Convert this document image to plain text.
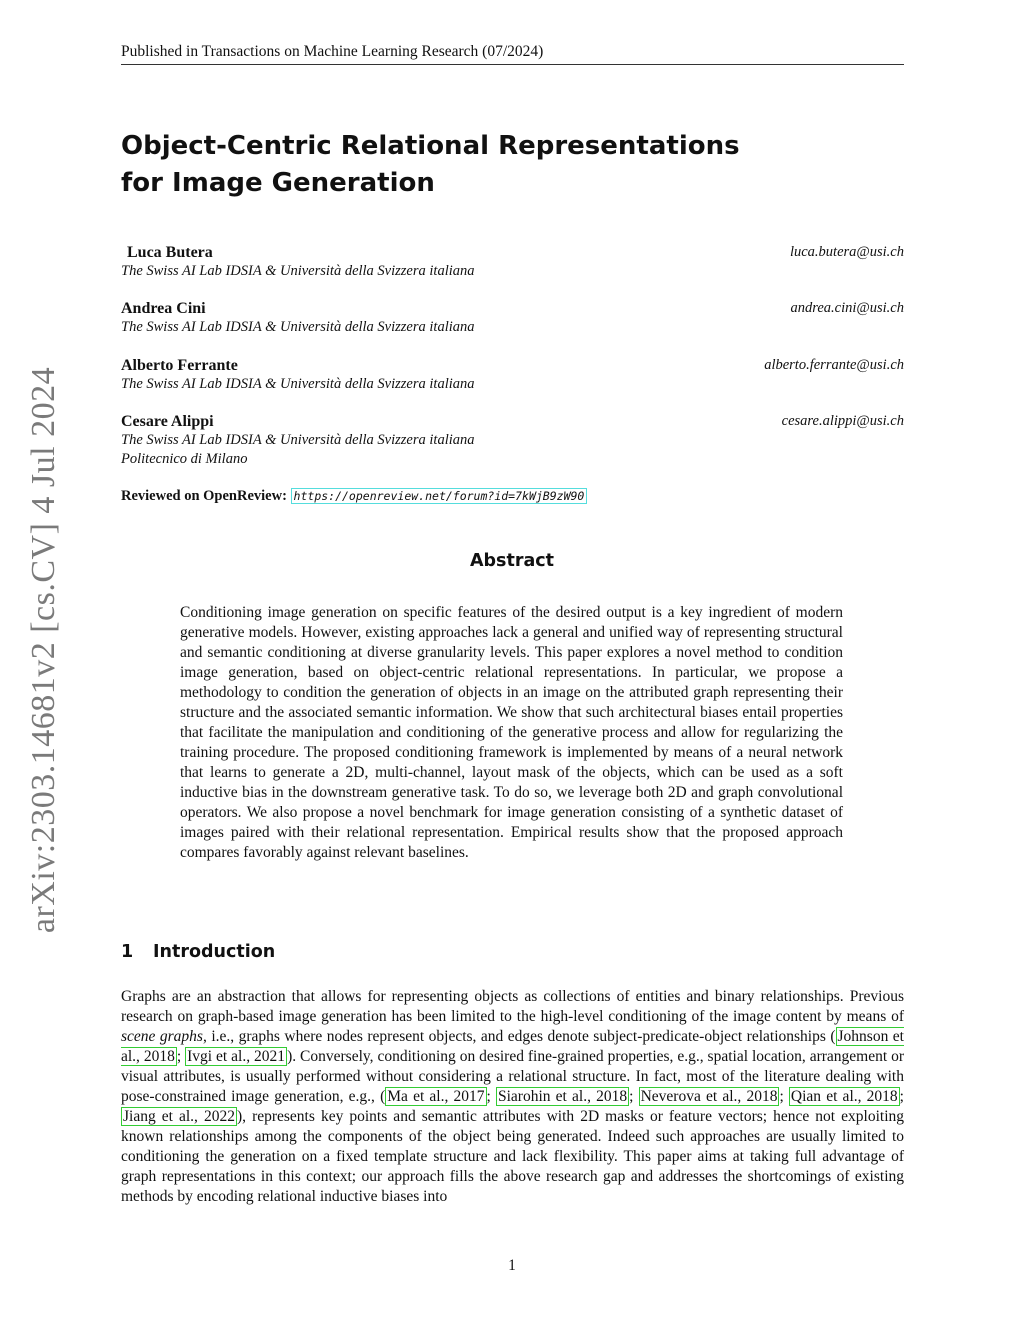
Published in Transactions on Machine Learning Research (07/2024)
Object-Centric Relational Representations
for Image Generation
Luca Butera
The Swiss AI Lab IDSIA & Università della Svizzera italiana
luca.butera@usi.ch
Andrea Cini
The Swiss AI Lab IDSIA & Università della Svizzera italiana
andrea.cini@usi.ch
Alberto Ferrante
The Swiss AI Lab IDSIA & Università della Svizzera italiana
alberto.ferrante@usi.ch
Cesare Alippi
The Swiss AI Lab IDSIA & Università della Svizzera italiana
Politecnico di Milano
cesare.alippi@usi.ch
Reviewed on OpenReview: https://openreview.net/forum?id=7kWjB9zW90
Abstract

Conditioning image generation on specific features of the desired output is a key ingredient of modern generative models. However, existing approaches lack a general and unified way of representing structural and semantic conditioning at diverse granularity levels. This paper explores a novel method to condition image generation, based on object-centric relational representations. In particular, we propose a methodology to condition the generation of objects in an image on the attributed graph representing their structure and the associated semantic information. We show that such architectural biases entail properties that facilitate the manipulation and conditioning of the generative process and allow for regularizing the training procedure. The proposed conditioning framework is implemented by means of a neural network that learns to generate a 2D, multi-channel, layout mask of the objects, which can be used as a soft inductive bias in the downstream generative task. To do so, we leverage both 2D and graph convolutional operators. We also propose a novel benchmark for image generation consisting of a synthetic dataset of images paired with their relational representation. Empirical results show that the proposed approach compares favorably against relevant baselines.

1 Introduction

Graphs are an abstraction that allows for representing objects as collections of entities and binary relationships. Previous research on graph-based image generation has been limited to the high-level conditioning of the image content by means of scene graphs, i.e., graphs where nodes represent objects, and edges denote subject-predicate-object relationships ( Johnson et al., 2018 ; Ivgi et al., 2021 ). Conversely, conditioning on desired fine-grained properties, e.g., spatial location, arrangement or visual attributes, is usually performed without considering a relational structure. In fact, most of the literature dealing with pose-constrained image generation, e.g., ( Ma et al., 2017 ; Siarohin et al., 2018 ; Neverova et al., 2018 ; Qian et al., 2018 ; Jiang et al., 2022 ), represents key points and semantic attributes with 2D masks or feature vectors; hence not exploiting known relationships among the components of the object being generated. Indeed such approaches are usually limited to conditioning the generation on a fixed template structure and lack flexibility. This paper aims at taking full advantage of graph representations in this context; our approach fills the above research gap and addresses the shortcomings of existing methods by encoding relational inductive biases into

1
arXiv:2303.14681v2 [cs.CV] 4 Jul 2024
